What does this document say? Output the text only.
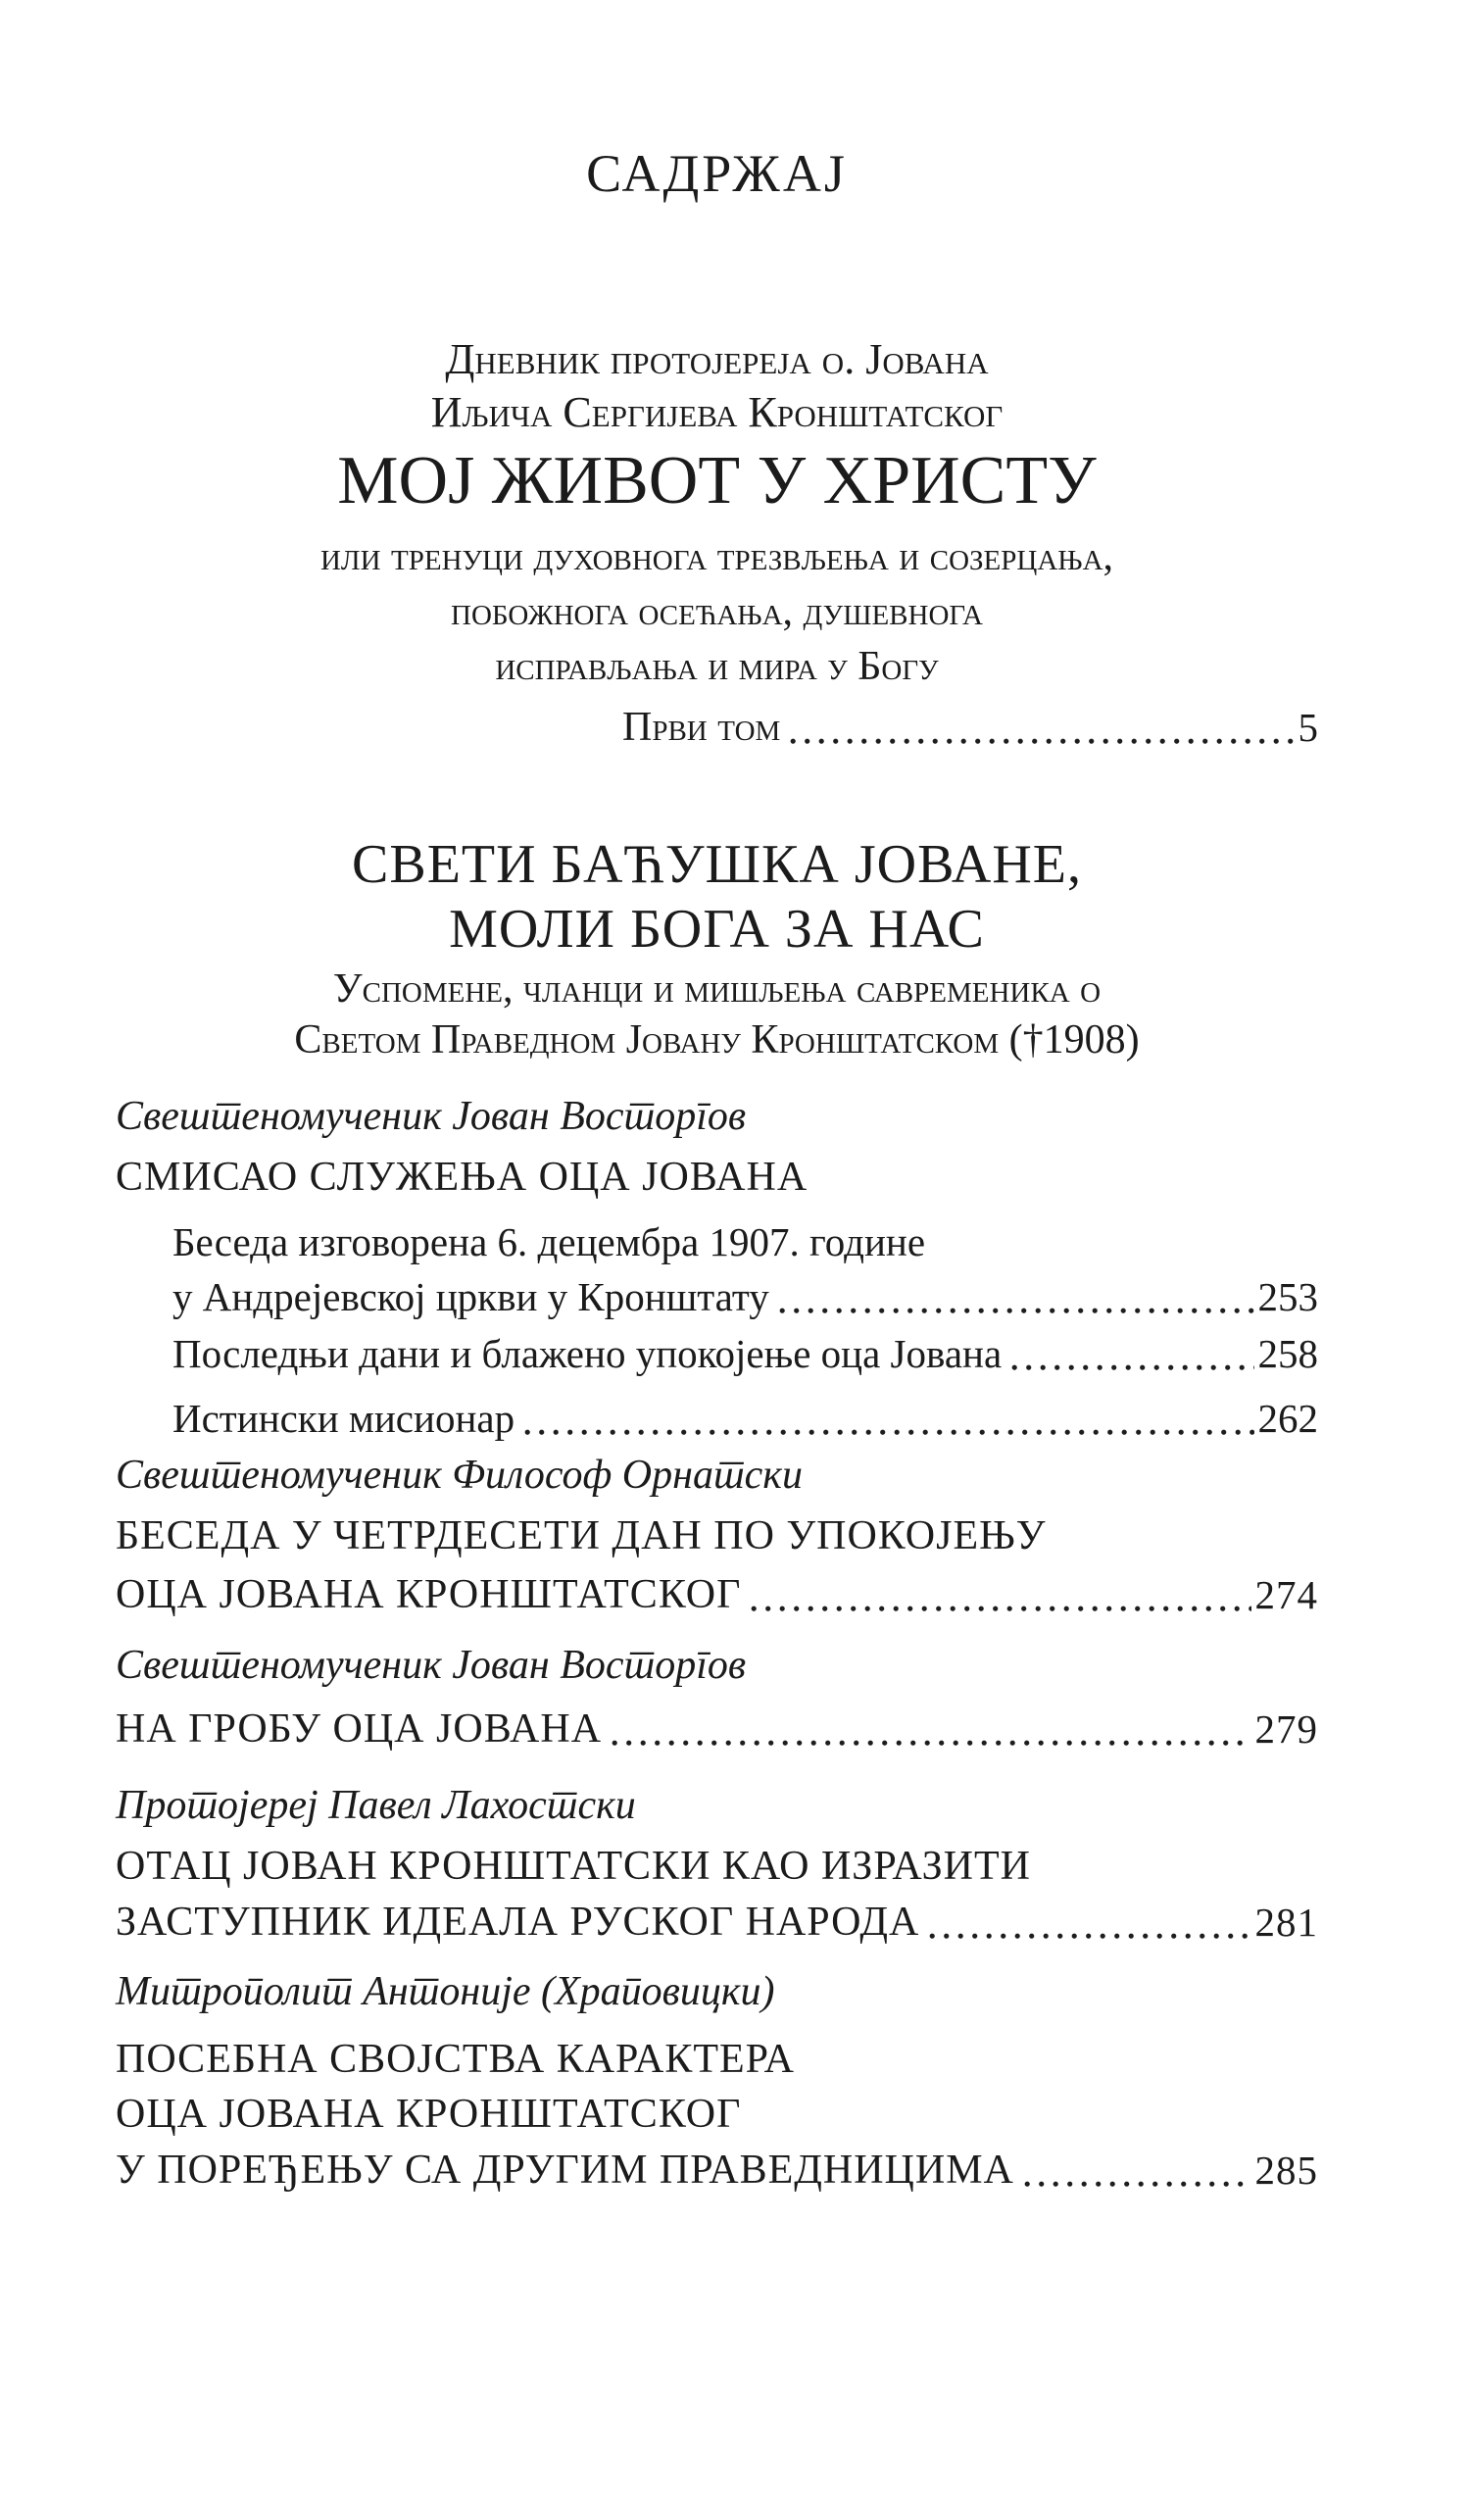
САДРЖАЈ
Дневник протојереја о. Јована
Иљича Сергијева Кронштатског
МОЈ ЖИВОТ У ХРИСТУ
или тренуци духовнога трезвљења и созерцања,
побожнога осећања, душевнога
исправљања и мира у Богу
Први том	5
СВЕТИ БАЋУШКА ЈОВАНЕ,
МОЛИ БОГА ЗА НАС
Успомене, чланци и мишљења савременика о
Светом Праведном Јовану Кронштатском (†1908)
Свештеномученик Јован Восторгов
СМИСАО СЛУЖЕЊА ОЦА ЈОВАНА
Беседа изговорена 6. децембра 1907. године
у Андрејевској цркви у Кронштату	253
Последњи дани и блажено упокојење оца Јована	258
Истински мисионар	262
Свештеномученик Философ Орнатски
БЕСЕДА У ЧЕТРДЕСЕТИ ДАН ПО УПОКОЈЕЊУ
ОЦА ЈОВАНА КРОНШТАТСКОГ	274
Свештеномученик Јован Восторгов
НА ГРОБУ ОЦА ЈОВАНА	279
Протојереј Павел Лахостски
ОТАЦ ЈОВАН КРОНШТАТСКИ КАО ИЗРАЗИТИ
ЗАСТУПНИК ИДЕАЛА РУСКОГ НАРОДА	281
Митрополит Антоније (Храповицки)
ПОСЕБНА СВОЈСТВА КАРАКТЕРА
ОЦА ЈОВАНА КРОНШТАТСКОГ
У ПОРЕЂЕЊУ СА ДРУГИМ ПРАВЕДНИЦИМА	285
